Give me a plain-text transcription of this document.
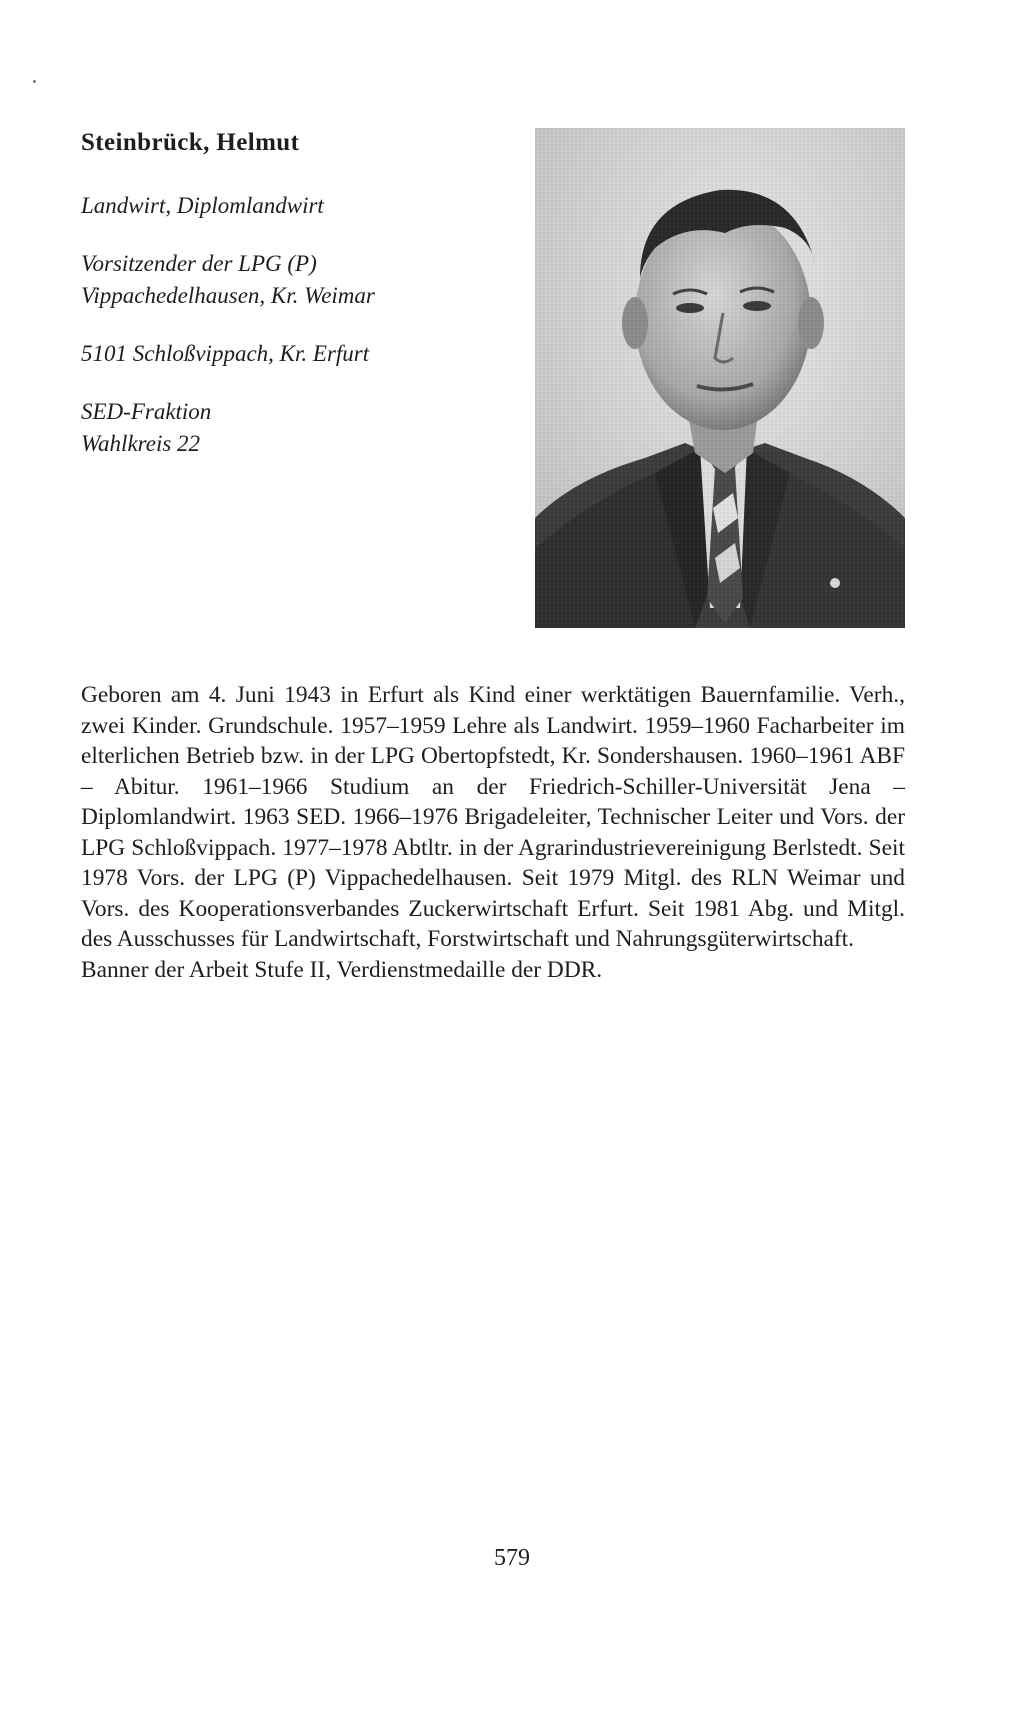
Steinbrück, Helmut
Landwirt, Diplomlandwirt
Vorsitzender der LPG (P)
Vippachedelhausen, Kr. Weimar
5101 Schloßvippach, Kr. Erfurt
SED-Fraktion
Wahlkreis 22

Geboren am 4. Juni 1943 in Erfurt als Kind einer werktätigen Bauernfamilie. Verh., zwei Kinder. Grundschule. 1957–1959 Lehre als Landwirt. 1959–1960 Facharbeiter im elterlichen Betrieb bzw. in der LPG Obertopfstedt, Kr. Sondershausen. 1960–1961 ABF – Abitur. 1961–1966 Studium an der Friedrich-Schiller-Universität Jena – Diplomlandwirt. 1963 SED. 1966–1976 Brigadeleiter, Technischer Leiter und Vors. der LPG Schloßvippach. 1977–1978 Abtltr. in der Agrarindustrievereinigung Berlstedt. Seit 1978 Vors. der LPG (P) Vippachedelhausen. Seit 1979 Mitgl. des RLN Weimar und Vors. des Kooperationsverbandes Zuckerwirtschaft Erfurt. Seit 1981 Abg. und Mitgl. des Ausschusses für Landwirtschaft, Forstwirtschaft und Nahrungsgüterwirtschaft.

Banner der Arbeit Stufe II, Verdienstmedaille der DDR.

579
